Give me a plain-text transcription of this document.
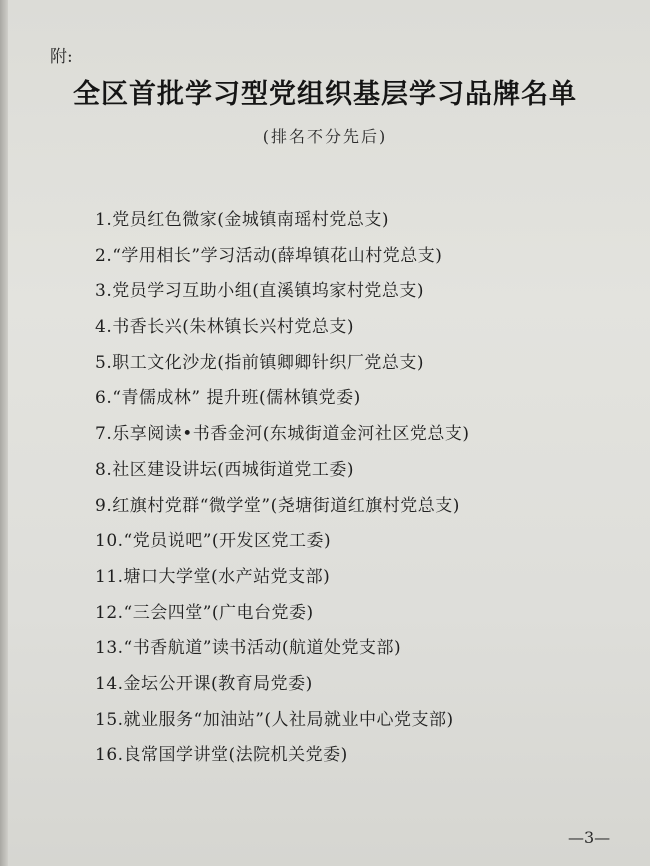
附:
全区首批学习型党组织基层学习品牌名单
(排名不分先后)
1.党员红色微家(金城镇南瑶村党总支)
2.“学用相长”学习活动(薛埠镇花山村党总支)
3.党员学习互助小组(直溪镇坞家村党总支)
4.书香长兴(朱林镇长兴村党总支)
5.职工文化沙龙(指前镇卿卿针织厂党总支)
6.“青儒成林” 提升班(儒林镇党委)
7.乐享阅读•书香金河(东城街道金河社区党总支)
8.社区建设讲坛(西城街道党工委)
9.红旗村党群“微学堂”(尧塘街道红旗村党总支)
10.“党员说吧”(开发区党工委)
11.塘口大学堂(水产站党支部)
12.“三会四堂”(广电台党委)
13.“书香航道”读书活动(航道处党支部)
14.金坛公开课(教育局党委)
15.就业服务“加油站”(人社局就业中心党支部)
16.良常国学讲堂(法院机关党委)
—3—
